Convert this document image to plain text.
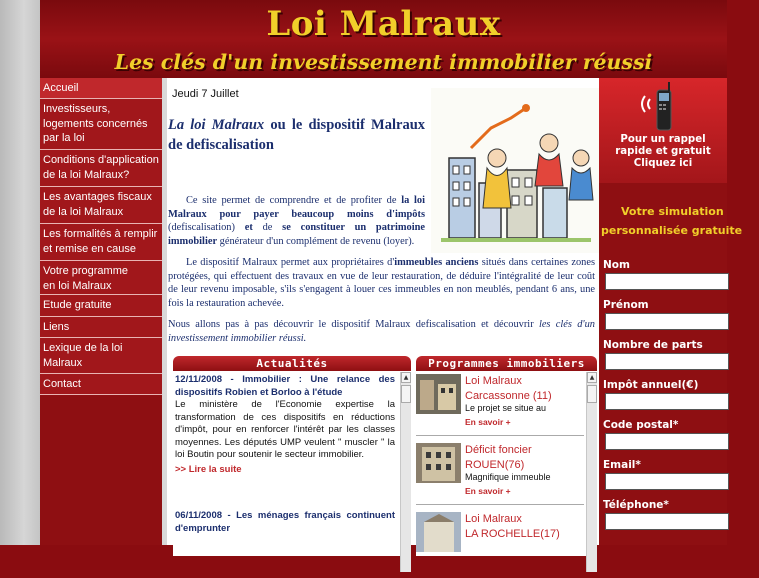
Loi Malraux
Les clés d'un investissement immobilier réussi
Accueil
Investisseurs,
logements concernés
par la loi
Conditions d'application
de la loi Malraux?
Les avantages fiscaux
de la loi Malraux
Les formalités à remplir
et remise en cause
Votre programme
en loi Malraux
Etude gratuite
Liens
Lexique de la loi
Malraux
Contact
Jeudi 7 Juillet
La loi Malraux ou le dispositif Malraux de defiscalisation
Ce site permet de comprendre et de profiter de la loi Malraux pour payer beaucoup moins d'impôts (defiscalisation) et de se constituer un patrimoine immobilier générateur d'un complément de revenu (loyer).
Le dispositif Malraux permet aux propriétaires d'immeubles anciens situés dans certaines zones protégées, qui effectuent des travaux en vue de leur restauration, de déduire l'intégralité de leur coût de leur revenu imposable, s'ils s'engagent à louer ces immeubles en non meublés, pendant 6 ans, une fois la restauration achevée.
Nous allons pas à pas découvrir le dispositif Malraux defiscalisation et découvrir les clés d'un investissement immobilier réussi.
Actualités
12/11/2008 - Immobilier : Une relance des dispositifs Robien et Borloo à l'étude
Le ministère de l'Economie expertise la transformation de ces dispositifs en réductions d'impôt, pour en renforcer l'intérêt par les classes moyennes. Les députés UMP veulent " muscler " la loi Boutin pour soutenir le secteur immobilier.
>> Lire la suite
06/11/2008 - Les ménages français continuent d'emprunter
▲
Programmes immobiliers
Loi Malraux
Carcassonne (11)
Le projet se situe au
En savoir +
Déficit foncier
ROUEN(76)
Magnifique immeuble
En savoir +
Loi Malraux
LA ROCHELLE(17)
▲
Pour un rappel
rapide et gratuit
Cliquez ici
Votre simulation
personnalisée gratuite
Nom
Prénom
Nombre de parts
Impôt annuel(€)
Code postal*
Email*
Téléphone*
